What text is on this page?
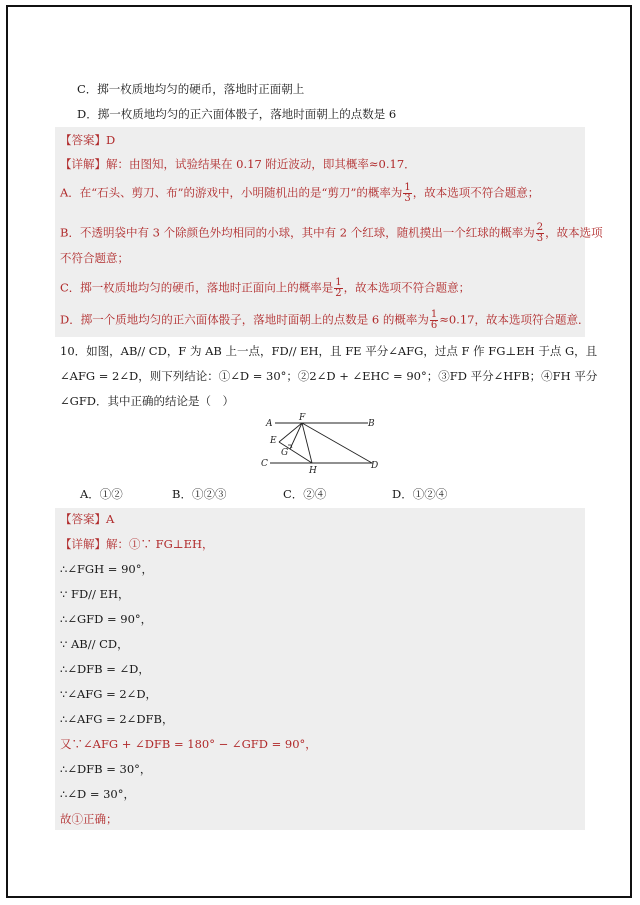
C．掷一枚质地均匀的硬币，落地时正面朝上
D．掷一枚质地均匀的正六面体骰子，落地时面朝上的点数是 6
【答案】D
【详解】解：由图知，试验结果在 0.17 附近波动，即其概率≈0.17．
A．在“石头、剪刀、布”的游戏中，小明随机出的是“剪刀”的概率为 $\frac{1}{3}$ ，故本选项不符合题意；
B．不透明袋中有 3 个除颜色外均相同的小球，其中有 2 个红球，随机摸出一个红球的概率为 $\frac{2}{3}$ ，故本选项
不符合题意；
C．掷一枚质地均匀的硬币，落地时正面向上的概率是 $\frac{1}{2}$ ，故本选项不符合题意；
D．掷一个质地均匀的正六面体骰子，落地时面朝上的点数是 6 的概率为 $\frac{1}{6} \approx 0.17$，故本选项符合题意．
10．如图，AB// CD，F 为 AB 上一点，FD// EH，且 FE 平分∠AFG，过点 F 作 FG⊥EH 于点 G，且
∠AFG = 2∠D，则下列结论：①∠D = 30°；②2∠D + ∠EHC = 90°；③FD 平分∠HFB；④FH 平分
∠GFD．其中正确的结论是（　）
A
F
B
E
G
C
H	D
A．①②	B．①②③	C．②④	D．①②④
【答案】A
【详解】解：①∵ FG⊥EH，
∴∠FGH = 90°，
∵ FD// EH，
∴∠GFD = 90°，
∵ AB// CD，
∴∠DFB = ∠D，
∵∠AFG = 2∠D，
∴∠AFG = 2∠DFB，
又∵∠AFG + ∠DFB = 180° − ∠GFD = 90°，
∴∠DFB = 30°，
∴∠D = 30°，
故①正确；
